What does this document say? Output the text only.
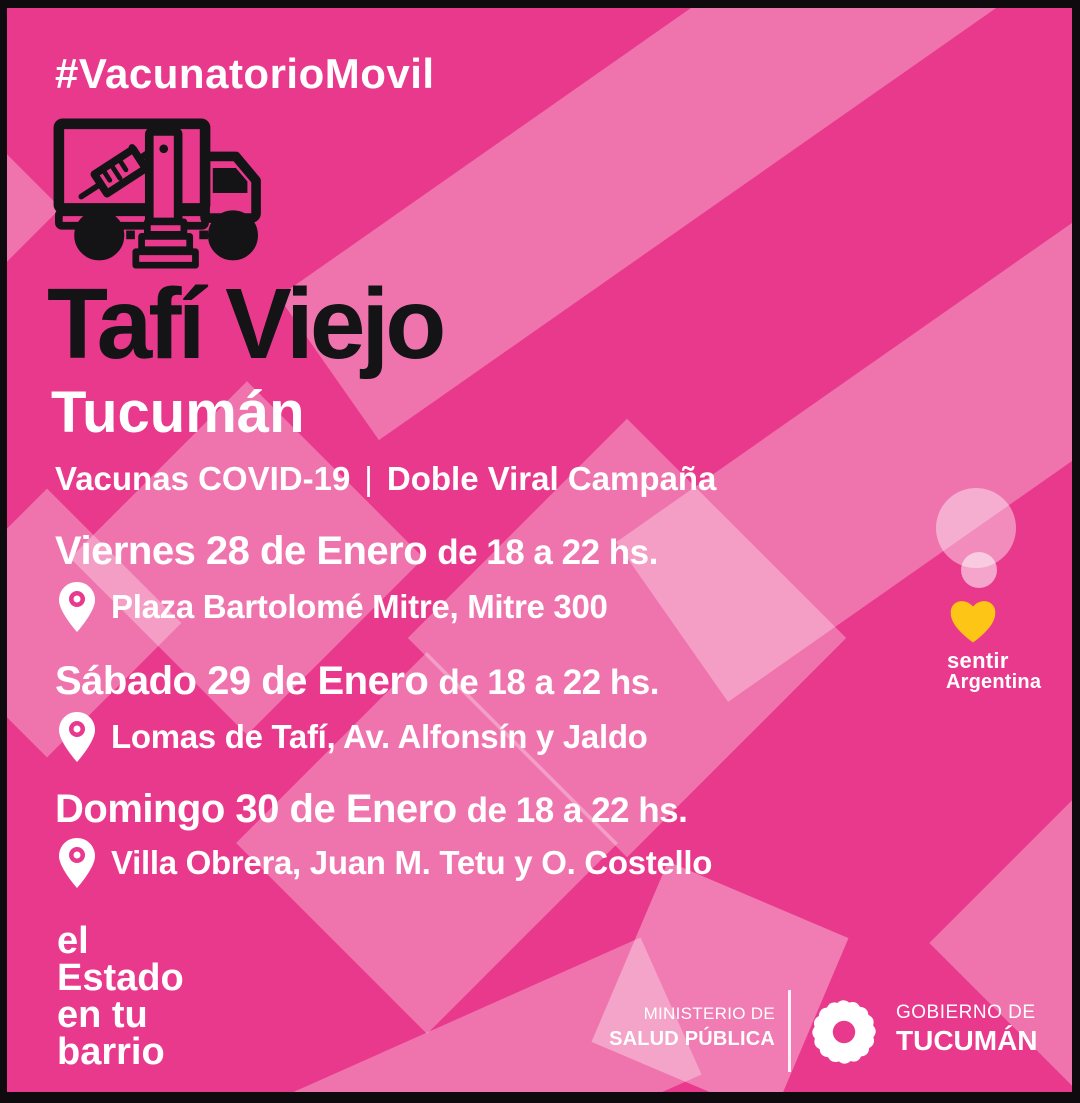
#VacunatorioMovil
Tafí Viejo
Tucumán
Vacunas COVID-19 | Doble Viral Campaña
Viernes 28 de Enero de 18 a 22 hs.
Plaza Bartolomé Mitre, Mitre 300
Sábado 29 de Enero de 18 a 22 hs.
Lomas de Tafí, Av. Alfonsín y Jaldo
Domingo 30 de Enero de 18 a 22 hs.
Villa Obrera, Juan M. Tetu y O. Costello
el
Estado
en tu
barrio
sentir
Argentina
MINISTERIO DE
SALUD PÚBLICA
GOBIERNO DE
TUCUMÁN
